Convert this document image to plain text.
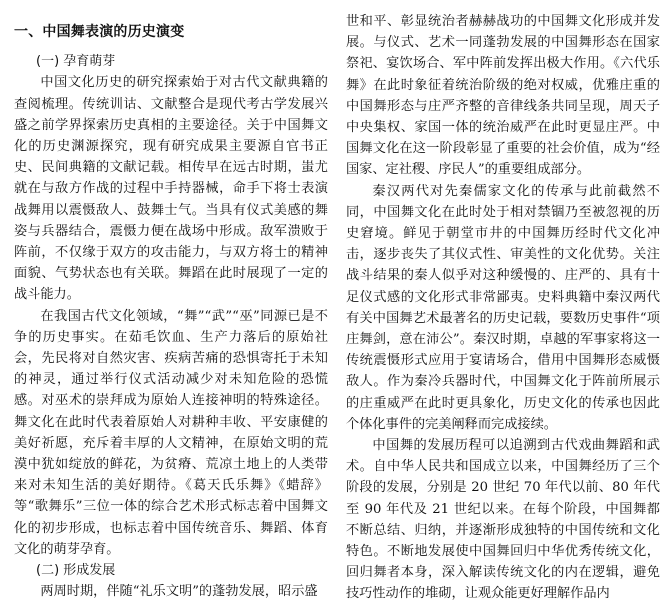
一、中国舞表演的历史演变
(一) 孕育萌芽

中国文化历史的研究探索始于对古代文献典籍的查阅梳理。传统训诂、文献整合是现代考古学发展兴盛之前学界探索历史真相的主要途径。关于中国舞文化的历史渊源探究，现有研究成果主要源自官书正史、民间典籍的文献记载。相传早在远古时期，蚩尤就在与敌方作战的过程中手持器械，命手下将士表演战舞用以震慑敌人、鼓舞士气。当具有仪式美感的舞姿与兵器结合，震慑力便在战场中形成。敌军溃败于阵前，不仅缘于双方的攻击能力，与双方将士的精神面貌、气势状态也有关联。舞蹈在此时展现了一定的战斗能力。

在我国古代文化领域，“舞”“武”“巫”同源已是不争的历史事实。在茹毛饮血、生产力落后的原始社会，先民将对自然灾害、疾病苦痛的恐惧寄托于未知的神灵，通过举行仪式活动减少对未知危险的恐慌感。对巫术的崇拜成为原始人连接神明的特殊途径。舞文化在此时代表着原始人对耕种丰收、平安康健的美好祈愿，充斥着丰厚的人文精神，在原始文明的荒漠中犹如绽放的鲜花，为贫瘠、荒凉土地上的人类带来对未知生活的美好期待。《葛天氏乐舞》《蜡辞》等“歌舞乐”三位一体的综合艺术形式标志着中国舞文化的初步形成，也标志着中国传统音乐、舞蹈、体育文化的萌芽孕育。

(二) 形成发展

两周时期，伴随“礼乐文明”的蓬勃发展，昭示盛

世和平、彰显统治者赫赫战功的中国舞文化形成并发展。与仪式、艺术一同蓬勃发展的中国舞形态在国家祭祀、宴饮场合、军中阵前发挥出极大作用。《六代乐舞》在此时象征着统治阶级的绝对权威，优雅庄重的中国舞形态与庄严齐整的音律线条共同呈现，周天子中央集权、家国一体的统治威严在此时更显庄严。中国舞文化在这一阶段彰显了重要的社会价值，成为“经国家、定社稷、序民人”的重要组成部分。

秦汉两代对先秦儒家文化的传承与此前截然不同，中国舞文化在此时处于相对禁锢乃至被忽视的历史窘境。鲜见于朝堂市井的中国舞历经时代文化冲击，逐步丧失了其仪式性、审美性的文化优势。关注战斗结果的秦人似乎对这种缓慢的、庄严的、具有十足仪式感的文化形式非常鄙夷。史料典籍中秦汉两代有关中国舞艺术最著名的历史记载，要数历史事件“项庄舞剑，意在沛公”。秦汉时期，卓越的军事家将这一传统震慑形式应用于宴请场合，借用中国舞形态威慑敌人。作为秦冷兵器时代，中国舞文化于阵前所展示的庄重威严在此时更具象化，历史文化的传承也因此个体化事件的完美阐释而完成接续。

中国舞的发展历程可以追溯到古代戏曲舞蹈和武术。自中华人民共和国成立以来，中国舞经历了三个阶段的发展，分别是 20 世纪 70 年代以前、80 年代至 90 年代及 21 世纪以来。在每个阶段，中国舞都不断总结、归纳，并逐渐形成独特的中国传统和文化特色。不断地发展使中国舞回归中华优秀传统文化，回归舞者本身，深入解读传统文化的内在逻辑，避免技巧性动作的堆砌，让观众能更好理解作品内
